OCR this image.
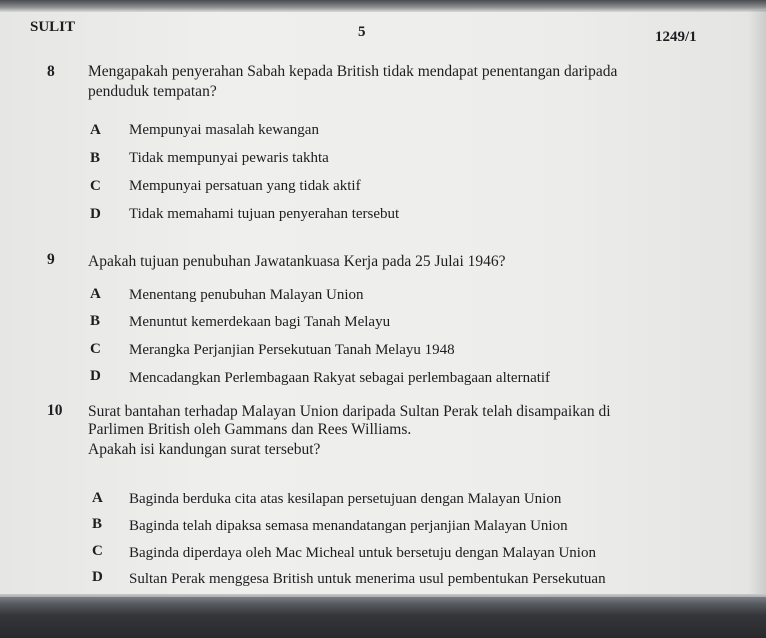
SULIT	5	1249/1
8 Mengapakah penyerahan Sabah kepada British tidak mendapat penentangan daripada
penduduk tempatan?
A Mempunyai masalah kewangan
B Tidak mempunyai pewaris takhta
C Mempunyai persatuan yang tidak aktif
D Tidak memahami tujuan penyerahan tersebut
9 Apakah tujuan penubuhan Jawatankuasa Kerja pada 25 Julai 1946?
A Menentang penubuhan Malayan Union
B Menuntut kemerdekaan bagi Tanah Melayu
C Merangka Perjanjian Persekutuan Tanah Melayu 1948
D Mencadangkan Perlembagaan Rakyat sebagai perlembagaan alternatif
10 Surat bantahan terhadap Malayan Union daripada Sultan Perak telah disampaikan di
Parlimen British oleh Gammans dan Rees Williams.
Apakah isi kandungan surat tersebut?
A Baginda berduka cita atas kesilapan persetujuan dengan Malayan Union
B Baginda telah dipaksa semasa menandatangan perjanjian Malayan Union
C Baginda diperdaya oleh Mac Micheal untuk bersetuju dengan Malayan Union
D Sultan Perak menggesa British untuk menerima usul pembentukan Persekutuan
